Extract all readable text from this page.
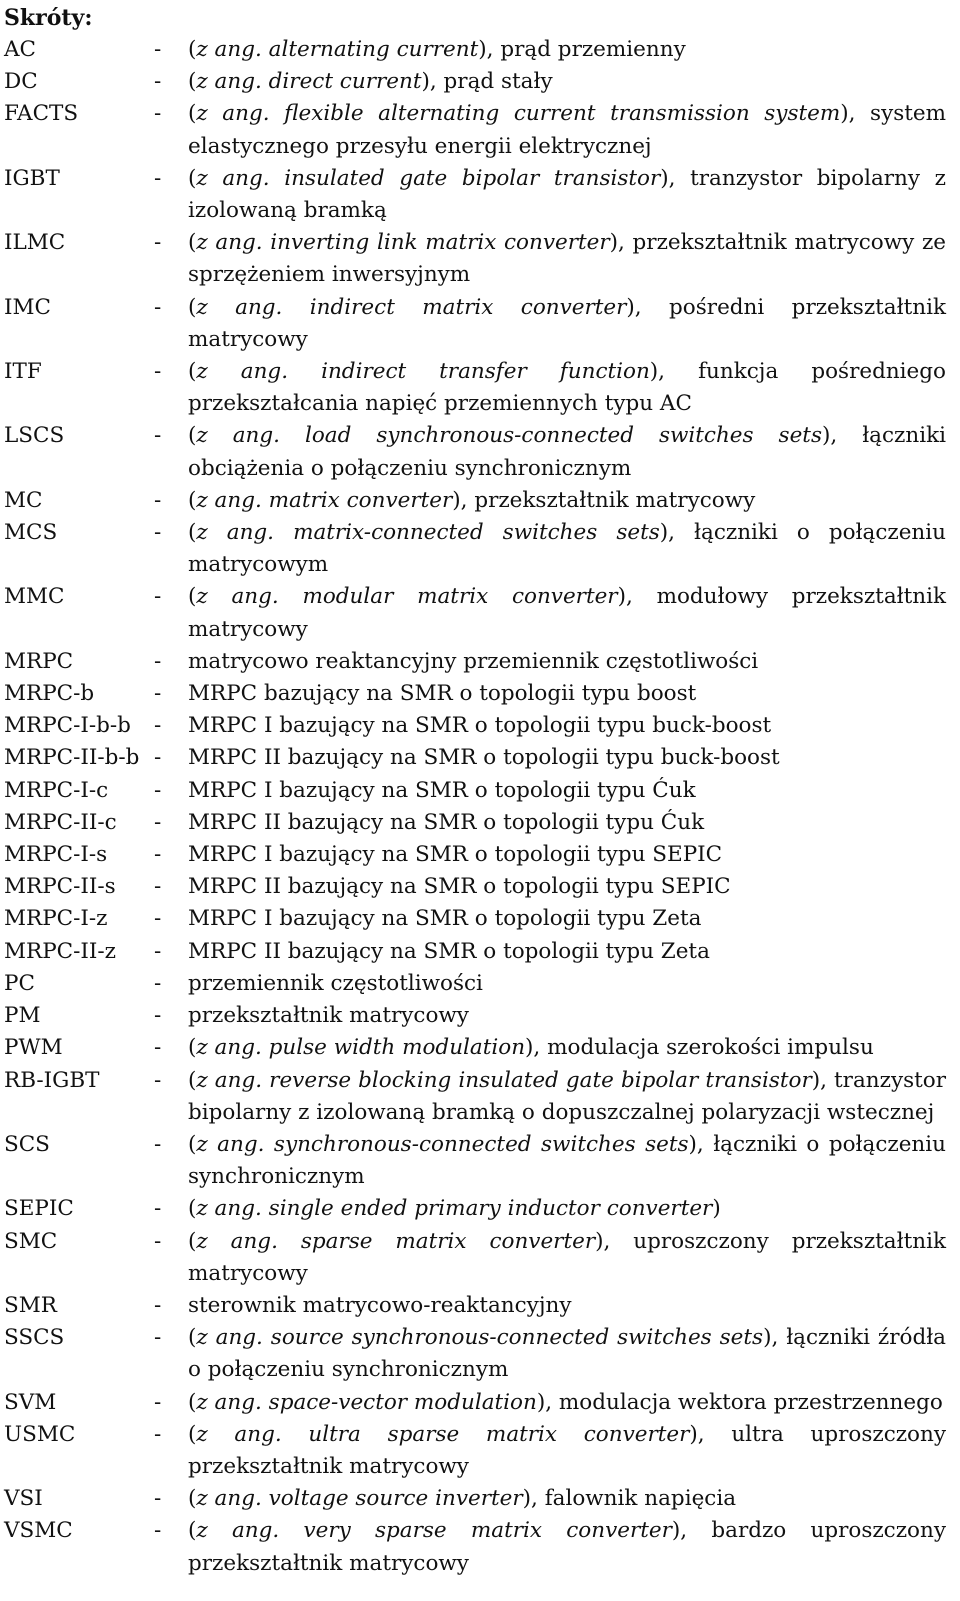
Skróty:
AC	-	(z ang. alternating current), prąd przemienny
DC	-	(z ang. direct current), prąd stały
FACTS	-	(z ang. flexible alternating current transmission system), system elastycznego przesyłu energii elektrycznej
IGBT	-	(z ang. insulated gate bipolar transistor), tranzystor bipolarny z izolowaną bramką
ILMC	-	(z ang. inverting link matrix converter), przekształtnik matrycowy ze sprzężeniem inwersyjnym
IMC	-	(z ang. indirect matrix converter), pośredni przekształtnik matrycowy
ITF	-	(z ang. indirect transfer function), funkcja pośredniego przekształcania napięć przemiennych typu AC
LSCS	-	(z ang. load synchronous-connected switches sets), łączniki obciążenia o połączeniu synchronicznym
MC	-	(z ang. matrix converter), przekształtnik matrycowy
MCS	-	(z ang. matrix-connected switches sets), łączniki o połączeniu matrycowym
MMC	-	(z ang. modular matrix converter), modułowy przekształtnik matrycowy
MRPC	-	matrycowo reaktancyjny przemiennik częstotliwości
MRPC-b	-	MRPC bazujący na SMR o topologii typu boost
MRPC-I-b-b	-	MRPC I bazujący na SMR o topologii typu buck-boost
MRPC-II-b-b -	MRPC II bazujący na SMR o topologii typu buck-boost
MRPC-I-c	-	MRPC I bazujący na SMR o topologii typu Ćuk
MRPC-II-c	-	MRPC II bazujący na SMR o topologii typu Ćuk
MRPC-I-s	-	MRPC I bazujący na SMR o topologii typu SEPIC
MRPC-II-s	-	MRPC II bazujący na SMR o topologii typu SEPIC
MRPC-I-z	-	MRPC I bazujący na SMR o topologii typu Zeta
MRPC-II-z	-	MRPC II bazujący na SMR o topologii typu Zeta
PC	-	przemiennik częstotliwości
PM	-	przekształtnik matrycowy
PWM	-	(z ang. pulse width modulation), modulacja szerokości impulsu
RB-IGBT	-	(z ang. reverse blocking insulated gate bipolar transistor), tranzystor bipolarny z izolowaną bramką o dopuszczalnej polaryzacji wstecznej
SCS	-	(z ang. synchronous-connected switches sets), łączniki o połączeniu synchronicznym
SEPIC	-	(z ang. single ended primary inductor converter)
SMC	-	(z ang. sparse matrix converter), uproszczony przekształtnik matrycowy
SMR	-	sterownik matrycowo-reaktancyjny
SSCS	-	(z ang. source synchronous-connected switches sets), łączniki źródła o połączeniu synchronicznym
SVM	-	(z ang. space-vector modulation), modulacja wektora przestrzennego
USMC	-	(z ang. ultra sparse matrix converter), ultra uproszczony przekształtnik matrycowy
VSI	-	(z ang. voltage source inverter), falownik napięcia
VSMC	-	(z ang. very sparse matrix converter), bardzo uproszczony przekształtnik matrycowy
